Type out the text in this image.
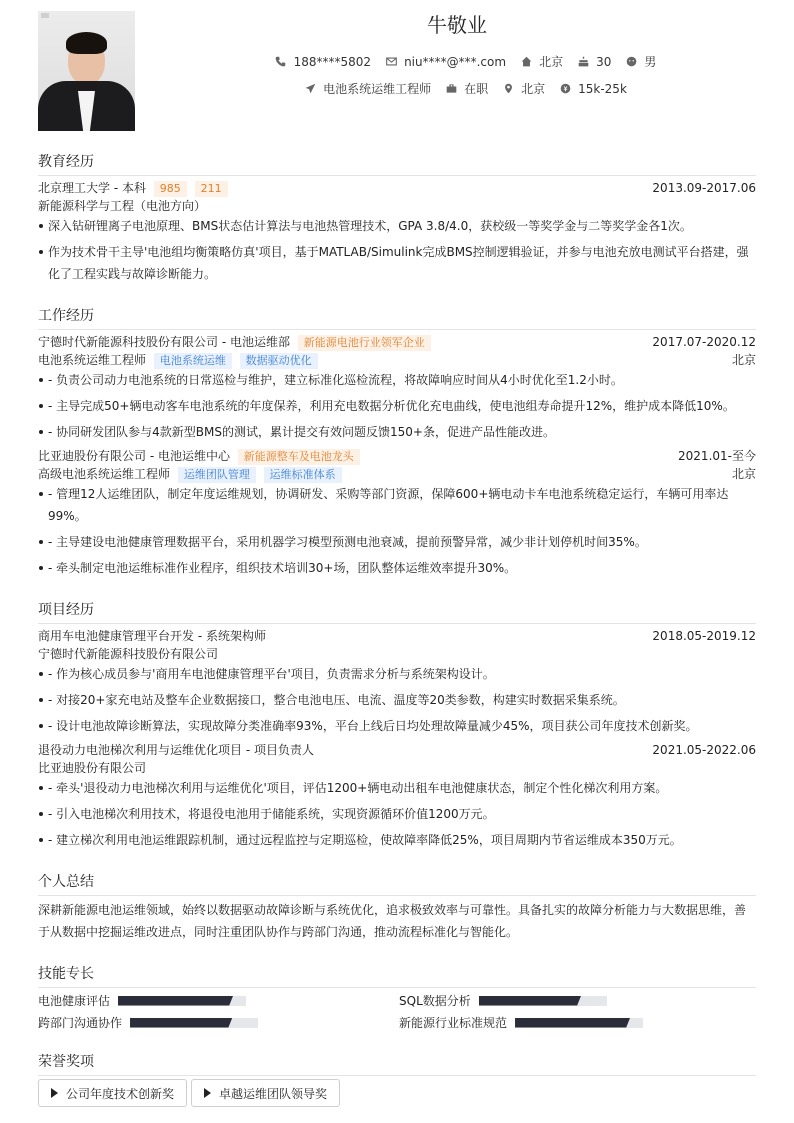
牛敬业
188****5802	niu****@***.com	北京	30	男
电池系统运维工程师	在职	北京	15k-25k
教育经历
北京理工大学 - 本科 985 211	2013.09-2017.06
新能源科学与工程（电池方向）
深入钻研锂离子电池原理、BMS状态估计算法与电池热管理技术，GPA 3.8/4.0，获校级一等奖学金与二等奖学金各1次。
作为技术骨干主导'电池组均衡策略仿真'项目，基于MATLAB/Simulink完成BMS控制逻辑验证，并参与电池充放电测试平台搭建，强化了工程实践与故障诊断能力。
工作经历
宁德时代新能源科技股份有限公司 - 电池运维部 新能源电池行业领军企业	2017.07-2020.12
电池系统运维工程师 电池系统运维 数据驱动优化	北京
- 负责公司动力电池系统的日常巡检与维护，建立标准化巡检流程，将故障响应时间从4小时优化至1.2小时。
- 主导完成50+辆电动客车电池系统的年度保养，利用充电数据分析优化充电曲线，使电池组寿命提升12%，维护成本降低10%。
- 协同研发团队参与4款新型BMS的测试，累计提交有效问题反馈150+条，促进产品性能改进。
比亚迪股份有限公司 - 电池运维中心 新能源整车及电池龙头	2021.01-至今
高级电池系统运维工程师 运维团队管理 运维标准体系	北京
- 管理12人运维团队，制定年度运维规划，协调研发、采购等部门资源，保障600+辆电动卡车电池系统稳定运行，车辆可用率达99%。
- 主导建设电池健康管理数据平台，采用机器学习模型预测电池衰减，提前预警异常，减少非计划停机时间35%。
- 牵头制定电池运维标准作业程序，组织技术培训30+场，团队整体运维效率提升30%。
项目经历
商用车电池健康管理平台开发 - 系统架构师	2018.05-2019.12
宁德时代新能源科技股份有限公司
- 作为核心成员参与'商用车电池健康管理平台'项目，负责需求分析与系统架构设计。
- 对接20+家充电站及整车企业数据接口，整合电池电压、电流、温度等20类参数，构建实时数据采集系统。
- 设计电池故障诊断算法，实现故障分类准确率93%，平台上线后日均处理故障量减少45%，项目获公司年度技术创新奖。
退役动力电池梯次利用与运维优化项目 - 项目负责人	2021.05-2022.06
比亚迪股份有限公司
- 牵头'退役动力电池梯次利用与运维优化'项目，评估1200+辆电动出租车电池健康状态，制定个性化梯次利用方案。
- 引入电池梯次利用技术，将退役电池用于储能系统，实现资源循环价值1200万元。
- 建立梯次利用电池运维跟踪机制，通过远程监控与定期巡检，使故障率降低25%，项目周期内节省运维成本350万元。
个人总结
深耕新能源电池运维领域，始终以数据驱动故障诊断与系统优化，追求极致效率与可靠性。具备扎实的故障分析能力与大数据思维，善于从数据中挖掘运维改进点，同时注重团队协作与跨部门沟通，推动流程标准化与智能化。
技能专长
电池健康评估	SQL数据分析
跨部门沟通协作	新能源行业标准规范
荣誉奖项
公司年度技术创新奖	卓越运维团队领导奖
